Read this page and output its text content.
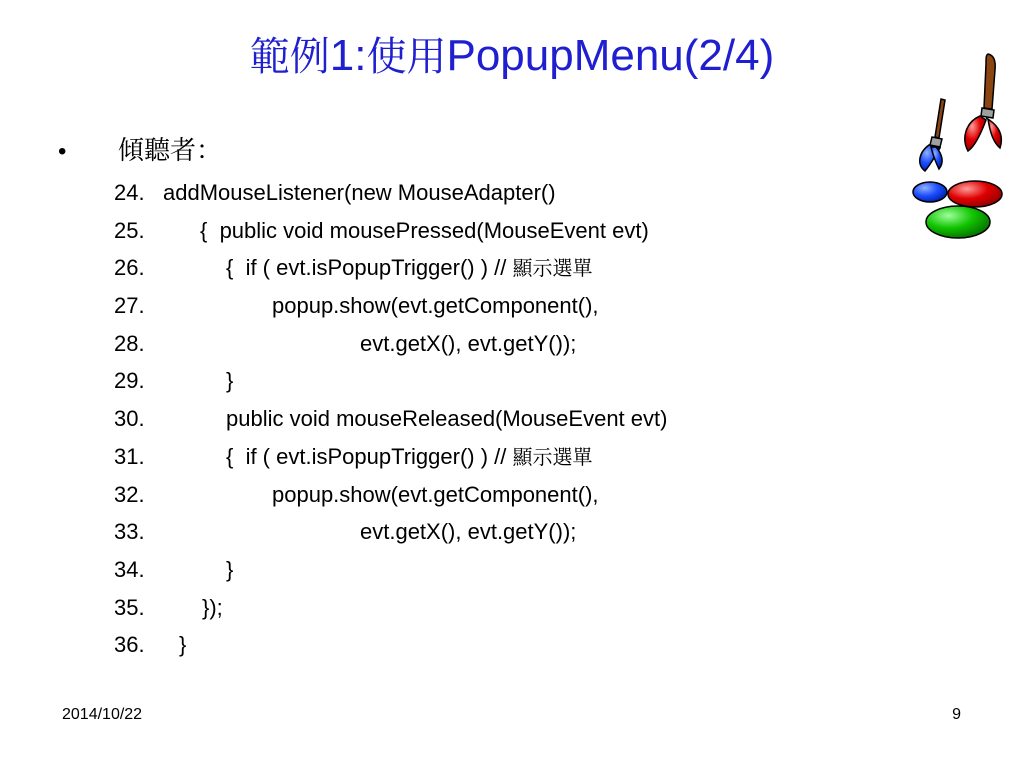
範例1:使用PopupMenu(2/4)
• 傾聽者：
24. addMouseListener(new MouseAdapter()
25.	{  public void mousePressed(MouseEvent evt)
26.	{  if ( evt.isPopupTrigger() ) // 顯示選單
27.	popup.show(evt.getComponent(),
28.	evt.getX(), evt.getY());
29.	}
30.	public void mouseReleased(MouseEvent evt)
31.	{  if ( evt.isPopupTrigger() ) // 顯示選單
32.	popup.show(evt.getComponent(),
33.	evt.getX(), evt.getY());
34.	}
35.	});
36. }
2014/10/22	9
